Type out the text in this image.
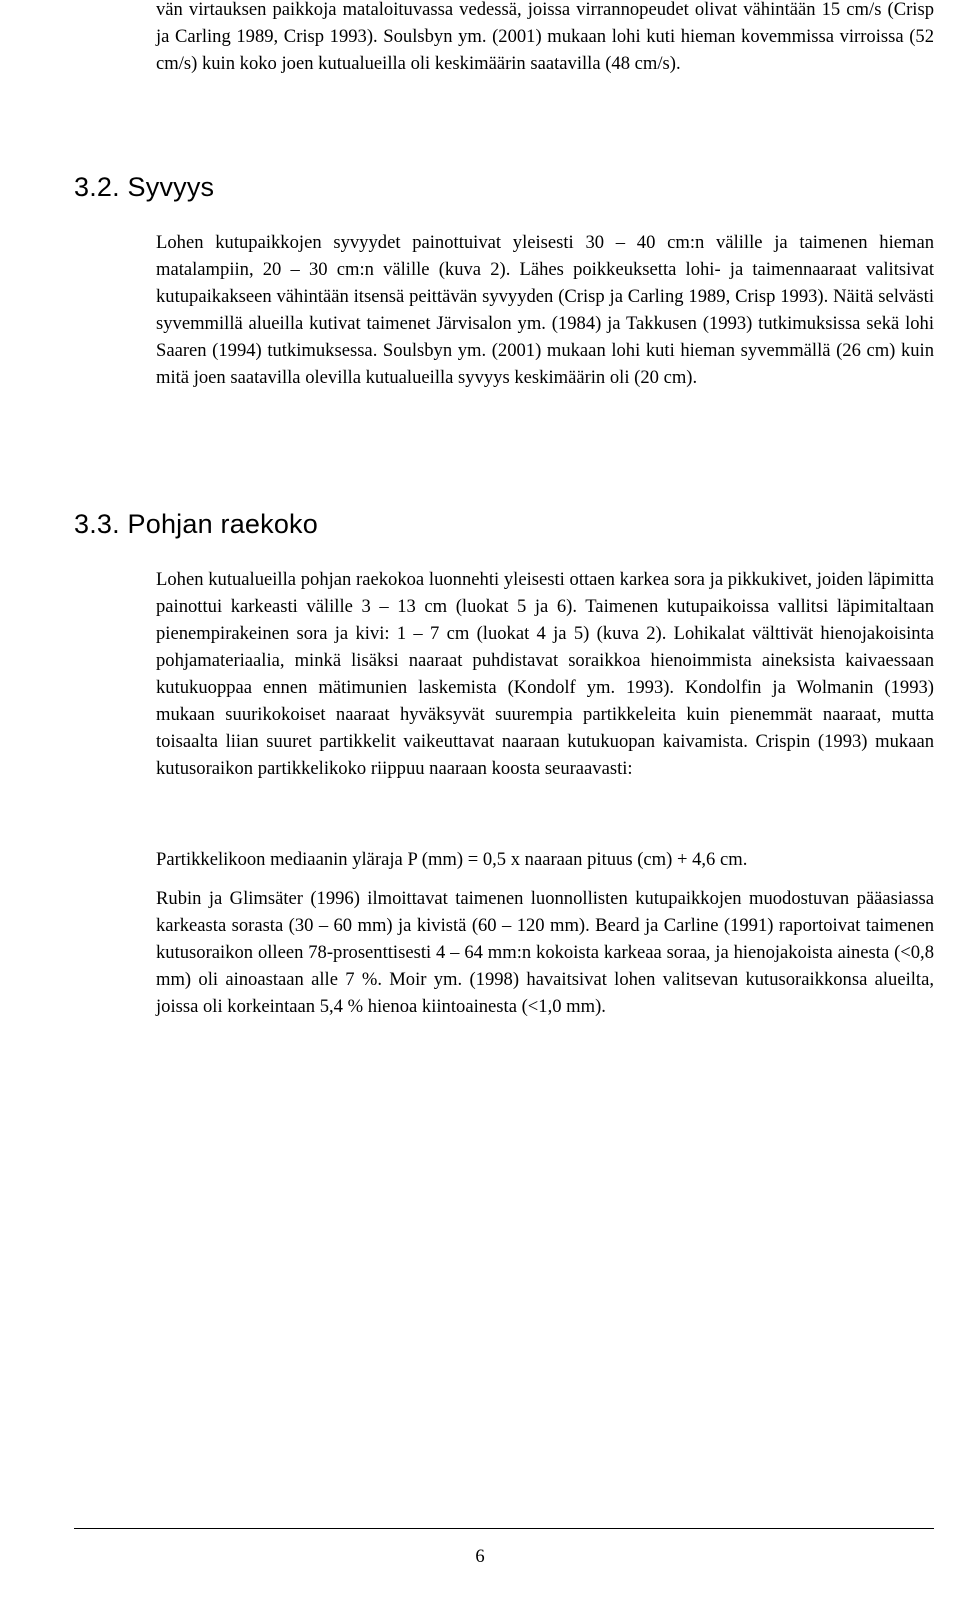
vän virtauksen paikkoja mataloituvassa vedessä, joissa virrannopeudet olivat vähintään 15 cm/s (Crisp ja Carling 1989, Crisp 1993). Soulsbyn ym. (2001) mukaan lohi kuti hieman kovemmissa virroissa (52 cm/s) kuin koko joen kutualueilla oli keskimäärin saatavilla (48 cm/s).

3.2. Syvyys

Lohen kutupaikkojen syvyydet painottuivat yleisesti 30 – 40 cm:n välille ja taimenen hieman matalampiin, 20 – 30 cm:n välille (kuva 2). Lähes poikkeuksetta lohi- ja taimennaaraat valitsivat kutupaikakseen vähintään itsensä peittävän syvyyden (Crisp ja Carling 1989, Crisp 1993). Näitä selvästi syvemmillä alueilla kutivat taimenet Järvisalon ym. (1984) ja Takkusen (1993) tutkimuksissa sekä lohi Saaren (1994) tutkimuksessa. Soulsbyn ym. (2001) mukaan lohi kuti hieman syvemmällä (26 cm) kuin mitä joen saatavilla olevilla kutualueilla syvyys keskimäärin oli (20 cm).

3.3. Pohjan raekoko

Lohen kutualueilla pohjan raekokoa luonnehti yleisesti ottaen karkea sora ja pikkukivet, joiden läpimitta painottui karkeasti välille 3 – 13 cm (luokat 5 ja 6). Taimenen kutupaikoissa vallitsi läpimitaltaan pienempirakeinen sora ja kivi: 1 – 7 cm (luokat 4 ja 5) (kuva 2). Lohikalat välttivät hienojakoisinta pohjamateriaalia, minkä lisäksi naaraat puhdistavat soraikkoa hienoimmista aineksista kaivaessaan kutukuoppaa ennen mätimunien laskemista (Kondolf ym. 1993). Kondolfin ja Wolmanin (1993) mukaan suurikokoiset naaraat hyväksyvät suurempia partikkeleita kuin pienemmät naaraat, mutta toisaalta liian suuret partikkelit vaikeuttavat naaraan kutukuopan kaivamista. Crispin (1993) mukaan kutusoraikon partikkelikoko riippuu naaraan koosta seuraavasti:

Partikkelikoon mediaanin yläraja P (mm) = 0,5 x naaraan pituus (cm) + 4,6 cm.

Rubin ja Glimsäter (1996) ilmoittavat taimenen luonnollisten kutupaikkojen muodostuvan pääasiassa karkeasta sorasta (30 – 60 mm) ja kivistä (60 – 120 mm). Beard ja Carline (1991) raportoivat taimenen kutusoraikon olleen 78-prosenttisesti 4 – 64 mm:n kokoista karkeaa soraa, ja hienojakoista ainesta (<0,8 mm) oli ainoastaan alle 7 %. Moir ym. (1998) havaitsivat lohen valitsevan kutusoraikkonsa alueilta, joissa oli korkeintaan 5,4 % hienoa kiintoainesta (<1,0 mm).

6
